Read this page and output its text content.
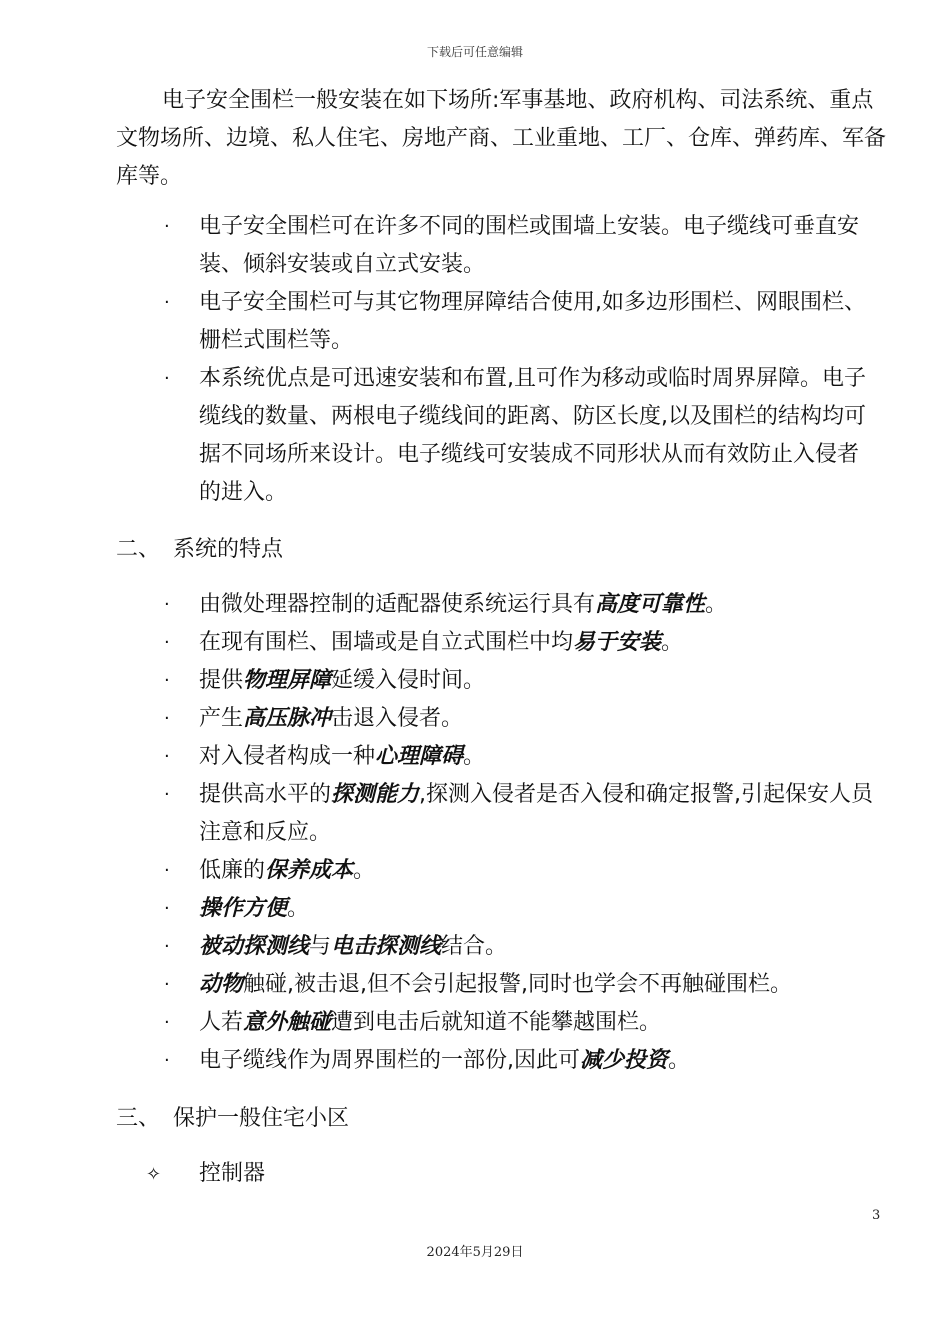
下载后可任意编辑

电子安全围栏一般安装在如下场所:军事基地、政府机构、司法系统、重点文物场所、边境、私人住宅、房地产商、工业重地、工厂、仓库、弹药库、军备库等。

· 电子安全围栏可在许多不同的围栏或围墙上安装。电子缆线可垂直安装、倾斜安装或自立式安装。
· 电子安全围栏可与其它物理屏障结合使用,如多边形围栏、网眼围栏、栅栏式围栏等。
· 本系统优点是可迅速安装和布置,且可作为移动或临时周界屏障。电子缆线的数量、两根电子缆线间的距离、防区长度,以及围栏的结构均可据不同场所来设计。电子缆线可安装成不同形状从而有效防止入侵者的进入。
二、 系统的特点
· 由微处理器控制的适配器使系统运行具有高度可靠性。
· 在现有围栏、围墙或是自立式围栏中均易于安装。
· 提供物理屏障延缓入侵时间。
· 产生高压脉冲击退入侵者。
· 对入侵者构成一种心理障碍。
· 提供高水平的探测能力,探测入侵者是否入侵和确定报警,引起保安人员注意和反应。
· 低廉的保养成本。
· 操作方便。
· 被动探测线与电击探测线结合。
· 动物触碰,被击退,但不会引起报警,同时也学会不再触碰围栏。
· 人若意外触碰遭到电击后就知道不能攀越围栏。
· 电子缆线作为周界围栏的一部份,因此可减少投资。
三、 保护一般住宅小区
✧ 控制器
3
2024年5月29日
